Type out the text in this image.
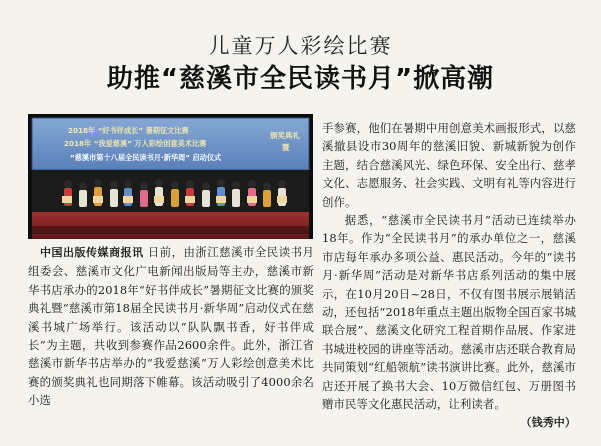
儿童万人彩绘比赛
助推“慈溪市全民读书月”掀高潮
2018年 “好书伴成长” 暑期征文比赛
2018年 “我爱慈溪” 万人彩绘创意美术比赛
“慈溪市第十八届全民读书月·新华周” 启动仪式
颁奖典礼
暨
中国出版传媒商报讯 日前，由浙江慈溪市全民读书月组委会、慈溪市文化广电新闻出版局等主办，慈溪市新华书店承办的2018年“好书伴成长”暑期征文比赛的颁奖典礼暨“慈溪市第18届全民读书月·新华周”启动仪式在慈溪书城广场举行。该活动以“队队飘书香，好书伴成长”为主题，共收到参赛作品2600余件。此外，浙江省慈溪市新华书店举办的“我爱慈溪”万人彩绘创意美术比赛的颁奖典礼也同期落下帷幕。该活动吸引了4000余名小选

手参赛，他们在暑期中用创意美术画报形式，以慈溪撤县设市30周年的慈溪旧貌、新城新貌为创作主题，结合慈溪风光、绿色环保、安全出行、慈孝文化、志愿服务、社会实践、文明有礼等内容进行创作。

据悉，“慈溪市全民读书月”活动已连续举办18年。作为“全民读书月”的承办单位之一，慈溪市店每年承办多项公益、惠民活动。今年的“读书月·新华周”活动是对新华书店系列活动的集中展示，在10月20日~28日，不仅有图书展示展销活动，还包括“2018年重点主题出版物全国百家书城联合展”、慈溪文化研究工程首期作品展、作家进书城进校园的讲座等活动。慈溪市店还联合教育局共同策划“红船领航”读书演讲比赛。此外，慈溪市店还开展了换书大会、10万微信红包、万册图书赠市民等文化惠民活动，让利读者。
（钱秀中）
